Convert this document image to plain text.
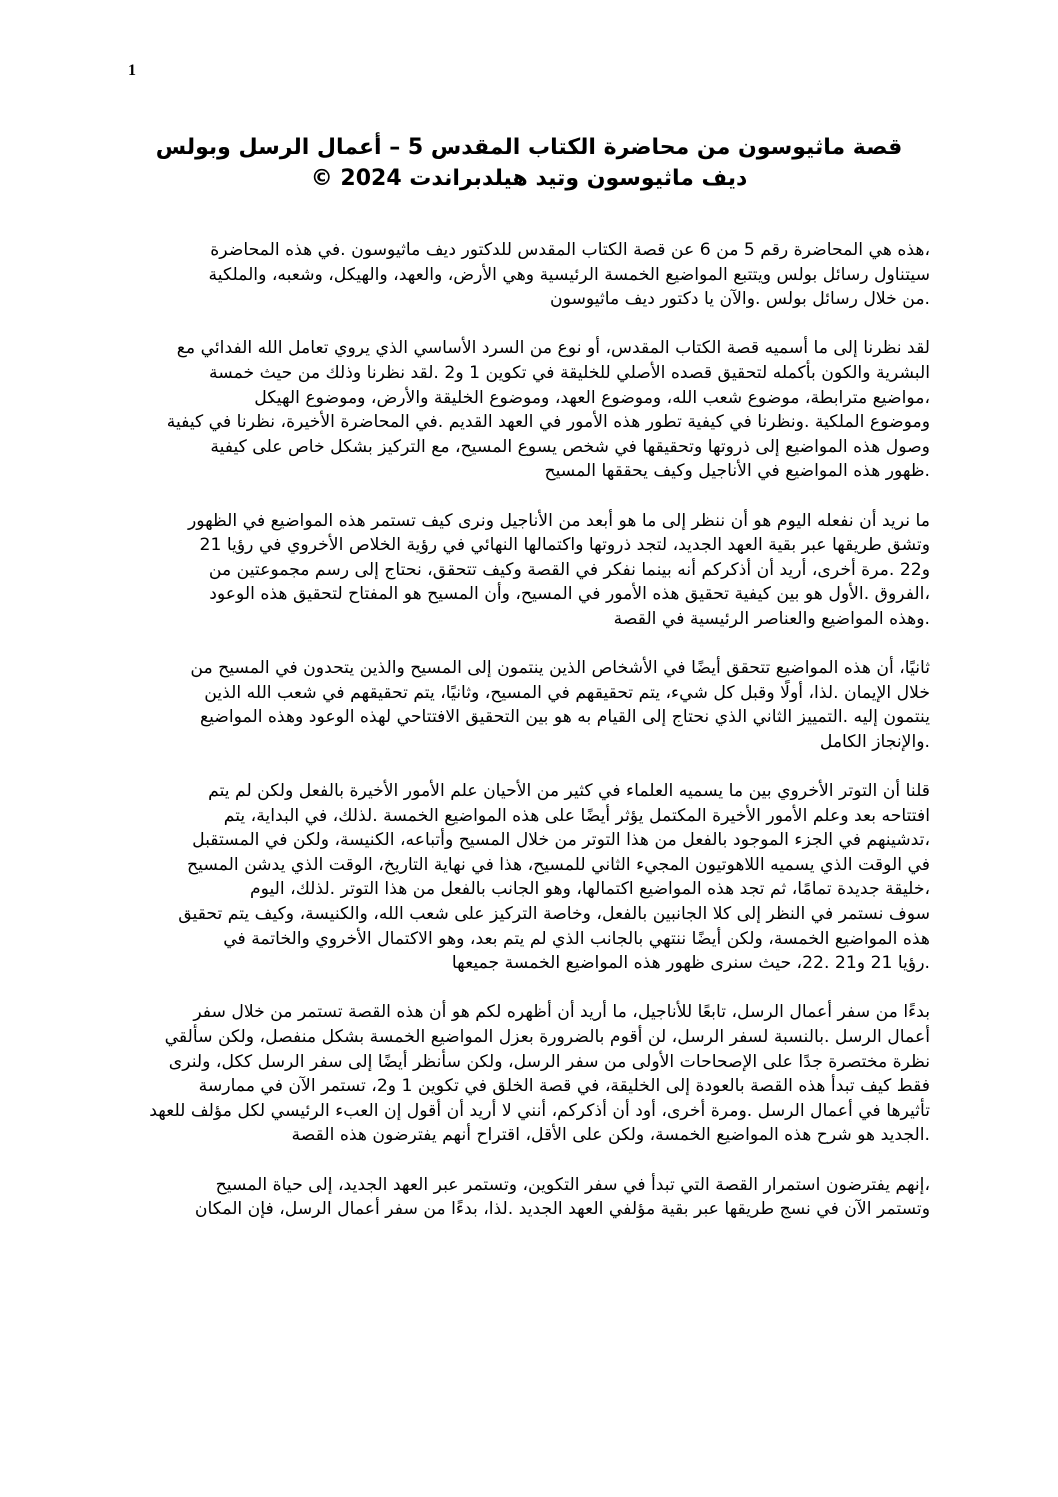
1
قصة ماثيوسون من محاضرة الكتاب المقدس 5 – أعمال الرسل وبولس
ديف ماثيوسون وتيد هيلدبراندت 2024 ©

،هذه هي المحاضرة رقم 5 من 6 عن قصة الكتاب المقدس للدكتور ديف ماثيوسون .في هذه المحاضرة
سيتناول رسائل بولس ويتتبع المواضيع الخمسة الرئيسية وهي الأرض، والعهد، والهيكل، وشعبه، والملكية
.من خلال رسائل بولس .والآن يا دكتور ديف ماثيوسون

لقد نظرنا إلى ما أسميه قصة الكتاب المقدس، أو نوع من السرد الأساسي الذي يروي تعامل الله الفدائي مع
البشرية والكون بأكمله لتحقيق قصده الأصلي للخليقة في تكوين 1 و2 .لقد نظرنا وذلك من حيث خمسة
،مواضيع مترابطة، موضوع شعب الله، وموضوع العهد، وموضوع الخليقة والأرض، وموضوع الهيكل
وموضوع الملكية .ونظرنا في كيفية تطور هذه الأمور في العهد القديم .في المحاضرة الأخيرة، نظرنا في كيفية
وصول هذه المواضيع إلى ذروتها وتحقيقها في شخص يسوع المسيح، مع التركيز بشكل خاص على كيفية
.ظهور هذه المواضيع في الأناجيل وكيف يحققها المسيح

ما نريد أن نفعله اليوم هو أن ننظر إلى ما هو أبعد من الأناجيل ونرى كيف تستمر هذه المواضيع في الظهور
وتشق طريقها عبر بقية العهد الجديد، لتجد ذروتها واكتمالها النهائي في رؤية الخلاص الأخروي في رؤيا 21
و22 .مرة أخرى، أريد أن أذكركم أنه بينما نفكر في القصة وكيف تتحقق، نحتاج إلى رسم مجموعتين من
،الفروق .الأول هو بين كيفية تحقيق هذه الأمور في المسيح، وأن المسيح هو المفتاح لتحقيق هذه الوعود
.وهذه المواضيع والعناصر الرئيسية في القصة

ثانيًا، أن هذه المواضيع تتحقق أيضًا في الأشخاص الذين ينتمون إلى المسيح والذين يتحدون في المسيح من
خلال الإيمان .لذا، أولًا وقبل كل شيء، يتم تحقيقهم في المسيح، وثانيًا، يتم تحقيقهم في شعب الله الذين
ينتمون إليه .التمييز الثاني الذي نحتاج إلى القيام به هو بين التحقيق الافتتاحي لهذه الوعود وهذه المواضيع
.والإنجاز الكامل

قلنا أن التوتر الأخروي بين ما يسميه العلماء في كثير من الأحيان علم الأمور الأخيرة بالفعل ولكن لم يتم
افتتاحه بعد وعلم الأمور الأخيرة المكتمل يؤثر أيضًا على هذه المواضيع الخمسة .لذلك، في البداية، يتم
،تدشينهم في الجزء الموجود بالفعل من هذا التوتر من خلال المسيح وأتباعه، الكنيسة، ولكن في المستقبل
في الوقت الذي يسميه اللاهوتيون المجيء الثاني للمسيح، هذا في نهاية التاريخ، الوقت الذي يدشن المسيح
،خليقة جديدة تمامًا، ثم تجد هذه المواضيع اكتمالها، وهو الجانب بالفعل من هذا التوتر .لذلك، اليوم
سوف نستمر في النظر إلى كلا الجانبين بالفعل، وخاصة التركيز على شعب الله، والكنيسة، وكيف يتم تحقيق
هذه المواضيع الخمسة، ولكن أيضًا ننتهي بالجانب الذي لم يتم بعد، وهو الاكتمال الأخروي والخاتمة في
.رؤيا 21 و21 .22، حيث سنرى ظهور هذه المواضيع الخمسة جميعها

بدءًا من سفر أعمال الرسل، تابعًا للأناجيل، ما أريد أن أظهره لكم هو أن هذه القصة تستمر من خلال سفر
أعمال الرسل .بالنسبة لسفر الرسل، لن أقوم بالضرورة بعزل المواضيع الخمسة بشكل منفصل، ولكن سألقي
نظرة مختصرة جدًا على الإصحاحات الأولى من سفر الرسل، ولكن سأنظر أيضًا إلى سفر الرسل ككل، ولنرى
فقط كيف تبدأ هذه القصة بالعودة إلى الخليقة، في قصة الخلق في تكوين 1 و2، تستمر الآن في ممارسة
تأثيرها في أعمال الرسل .ومرة أخرى، أود أن أذكركم، أنني لا أريد أن أقول إن العبء الرئيسي لكل مؤلف للعهد
.الجديد هو شرح هذه المواضيع الخمسة، ولكن على الأقل، اقتراح أنهم يفترضون هذه القصة

،إنهم يفترضون استمرار القصة التي تبدأ في سفر التكوين، وتستمر عبر العهد الجديد، إلى حياة المسيح
وتستمر الآن في نسج طريقها عبر بقية مؤلفي العهد الجديد .لذا، بدءًا من سفر أعمال الرسل، فإن المكان
